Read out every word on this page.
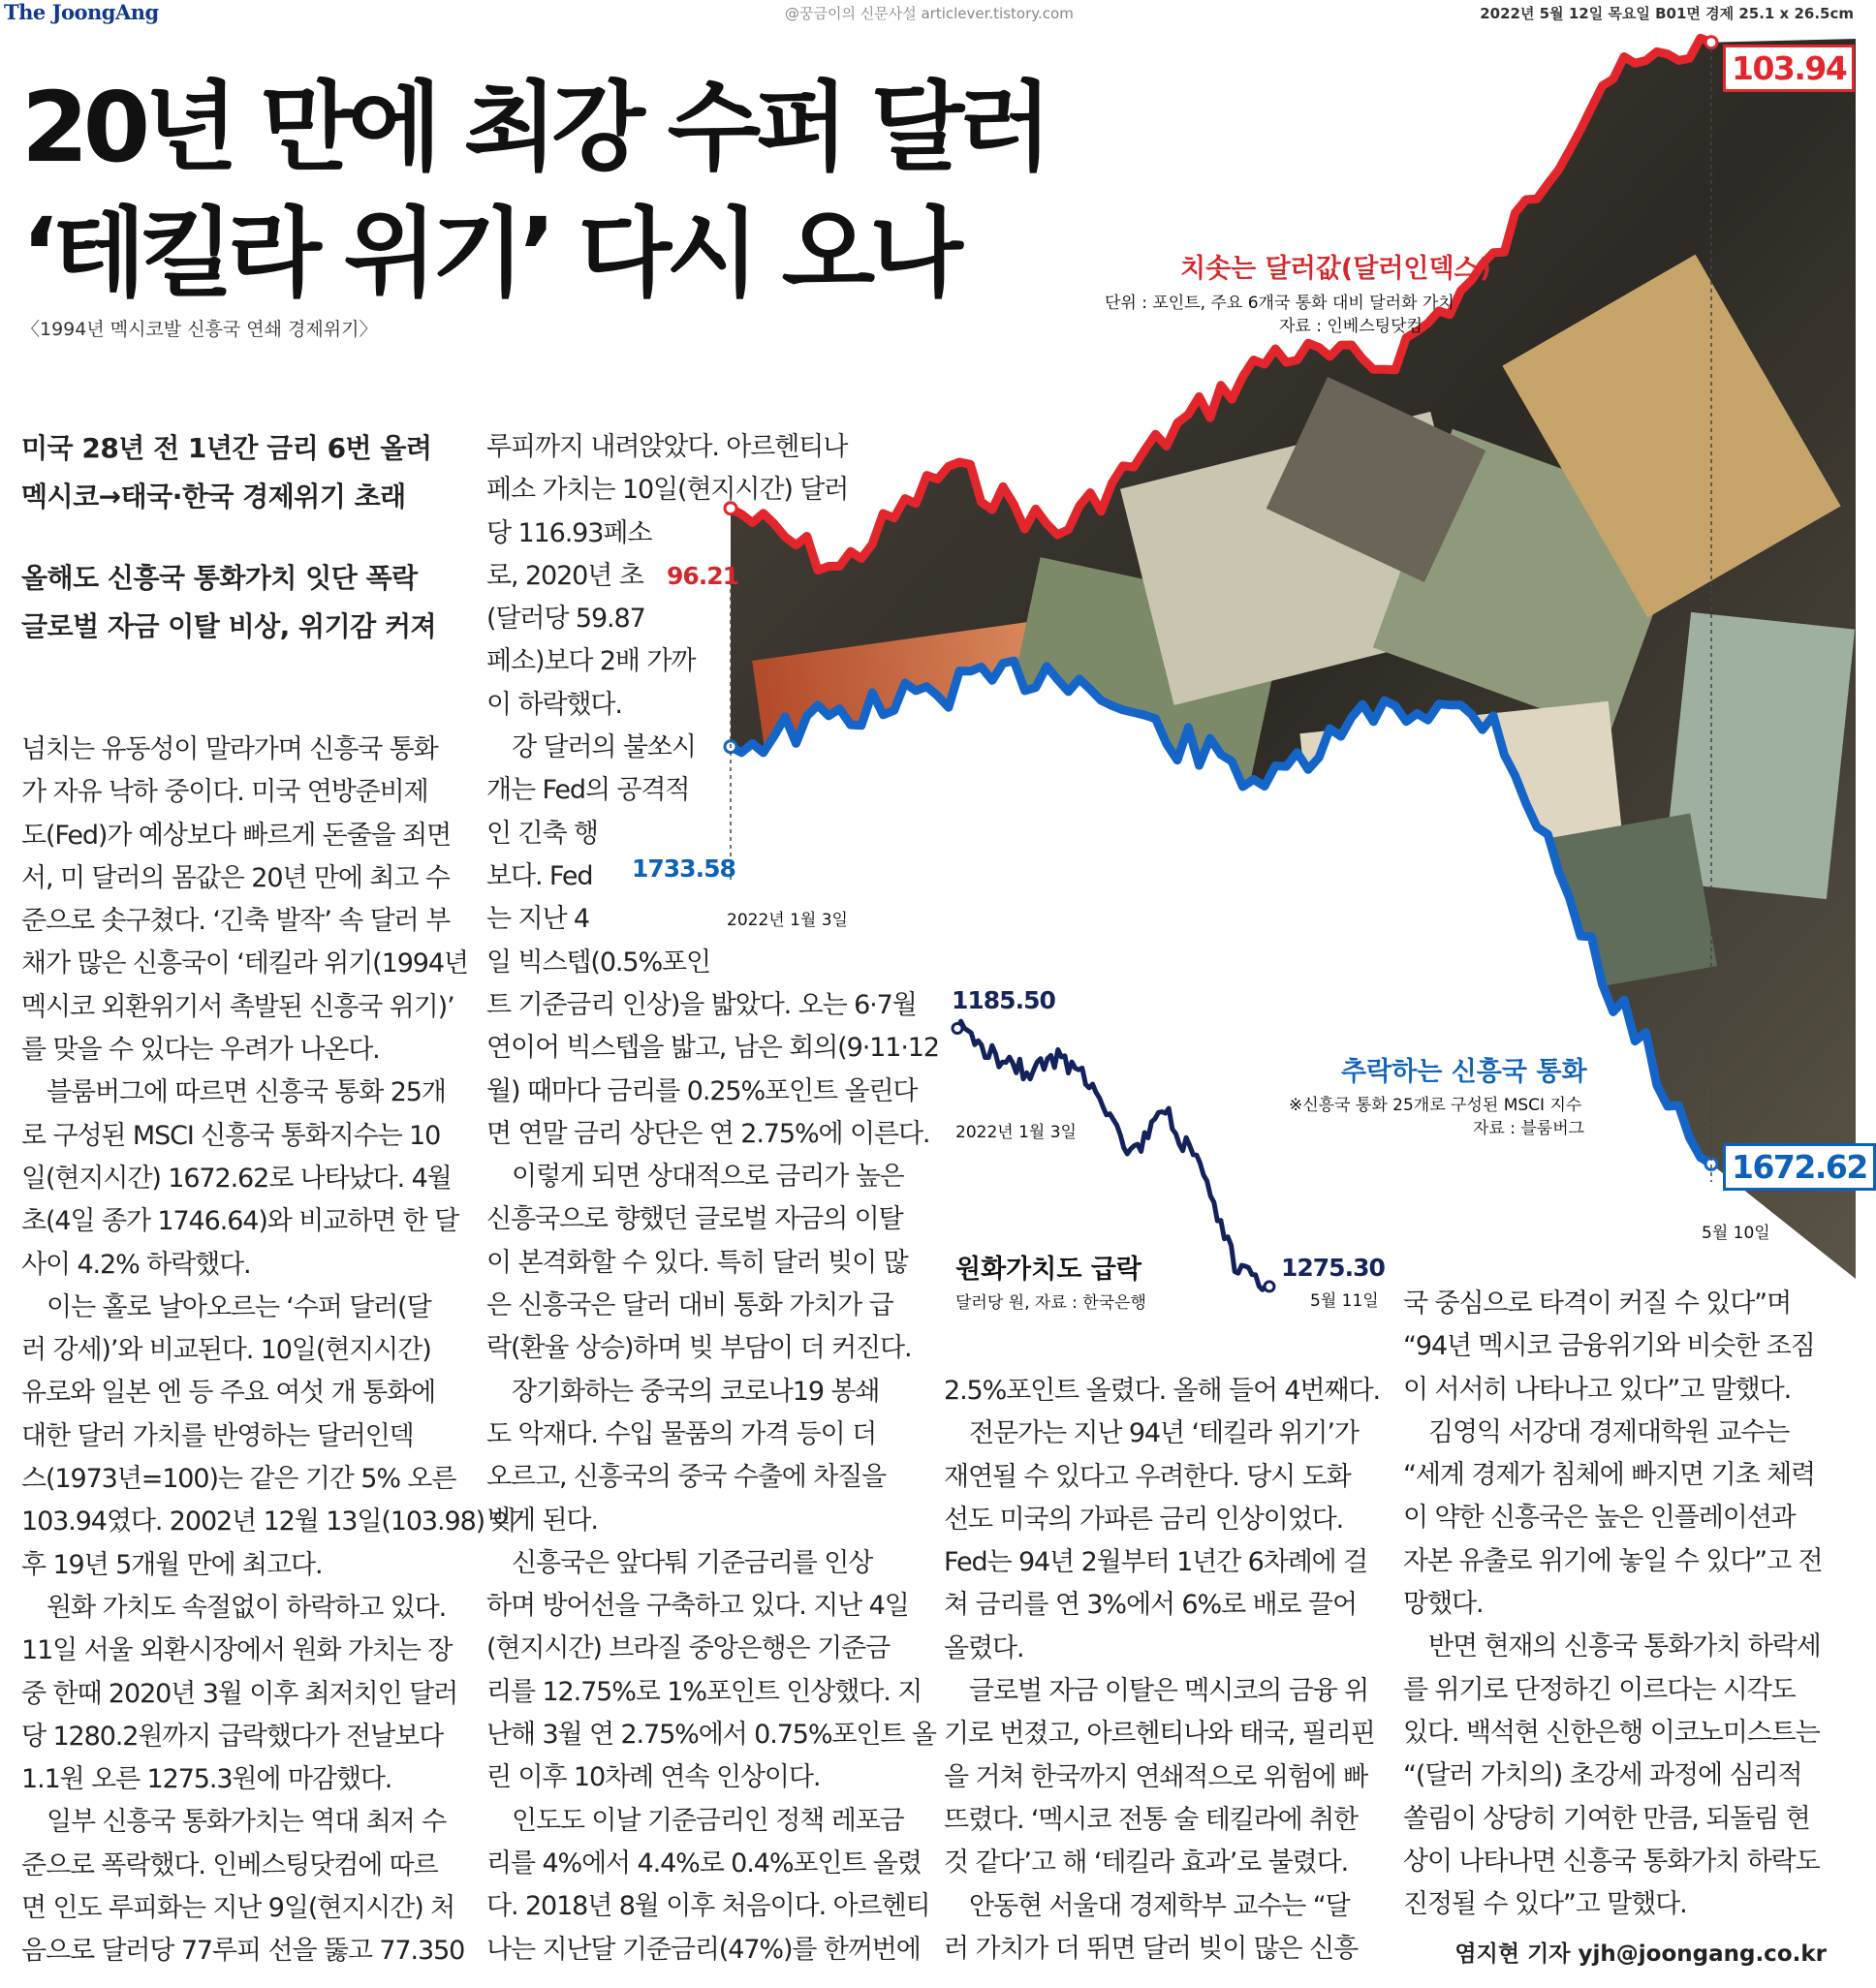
The JoongAng	@꿍금이의 신문사설 articlever.tistory.com	2022년 5월 12일 목요일 B01면 경제 25.1 x 26.5cm
20년 만에 최강 수퍼 달러
‘테킬라 위기’ 다시 오나
〈1994년 멕시코발 신흥국 연쇄 경제위기〉
미국 28년 전 1년간 금리 6번 올려
멕시코→태국·한국 경제위기 초래
올해도 신흥국 통화가치 잇단 폭락
글로벌 자금 이탈 비상, 위기감 커져

넘치는 유동성이 말라가며 신흥국 통화

가 자유 낙하 중이다. 미국 연방준비제

도(Fed)가 예상보다 빠르게 돈줄을 죄면

서, 미 달러의 몸값은 20년 만에 최고 수

준으로 솟구쳤다. ‘긴축 발작’ 속 달러 부

채가 많은 신흥국이 ‘테킬라 위기(1994년

멕시코 외환위기서 촉발된 신흥국 위기)’

를 맞을 수 있다는 우려가 나온다.

블룸버그에 따르면 신흥국 통화 25개

로 구성된 MSCI 신흥국 통화지수는 10

일(현지시간) 1672.62로 나타났다. 4월

초(4일 종가 1746.64)와 비교하면 한 달

사이 4.2% 하락했다.

이는 홀로 날아오르는 ‘수퍼 달러(달

러 강세)’와 비교된다. 10일(현지시간)

유로와 일본 엔 등 주요 여섯 개 통화에

대한 달러 가치를 반영하는 달러인덱

스(1973년=100)는 같은 기간 5% 오른

103.94였다. 2002년 12월 13일(103.98) 이

후 19년 5개월 만에 최고다.

원화 가치도 속절없이 하락하고 있다.

11일 서울 외환시장에서 원화 가치는 장

중 한때 2020년 3월 이후 최저치인 달러

당 1280.2원까지 급락했다가 전날보다

1.1원 오른 1275.3원에 마감했다.

일부 신흥국 통화가치는 역대 최저 수

준으로 폭락했다. 인베스팅닷컴에 따르

면 인도 루피화는 지난 9일(현지시간) 처

음으로 달러당 77루피 선을 뚫고 77.350

루피까지 내려앉았다. 아르헨티나

페소 가치는 10일(현지시간) 달러

당 116.93페소

로, 2020년 초

(달러당 59.87

페소)보다 2배 가까

이 하락했다.

강 달러의 불쏘시

개는 Fed의 공격적

인 긴축 행

보다. Fed

는 지난 4

일 빅스텝(0.5%포인

트 기준금리 인상)을 밟았다. 오는 6·7월

연이어 빅스텝을 밟고, 남은 회의(9·11·12

월) 때마다 금리를 0.25%포인트 올린다

면 연말 금리 상단은 연 2.75%에 이른다.

이렇게 되면 상대적으로 금리가 높은

신흥국으로 향했던 글로벌 자금의 이탈

이 본격화할 수 있다. 특히 달러 빚이 많

은 신흥국은 달러 대비 통화 가치가 급

락(환율 상승)하며 빚 부담이 더 커진다.

장기화하는 중국의 코로나19 봉쇄

도 악재다. 수입 물품의 가격 등이 더

오르고, 신흥국의 중국 수출에 차질을

빚게 된다.

신흥국은 앞다퉈 기준금리를 인상

하며 방어선을 구축하고 있다. 지난 4일

(현지시간) 브라질 중앙은행은 기준금

리를 12.75%로 1%포인트 인상했다. 지

난해 3월 연 2.75%에서 0.75%포인트 올

린 이후 10차례 연속 인상이다.

인도도 이날 기준금리인 정책 레포금

리를 4%에서 4.4%로 0.4%포인트 올렸

다. 2018년 8월 이후 처음이다. 아르헨티

나는 지난달 기준금리(47%)를 한꺼번에

2.5%포인트 올렸다. 올해 들어 4번째다.

전문가는 지난 94년 ‘테킬라 위기’가

재연될 수 있다고 우려한다. 당시 도화

선도 미국의 가파른 금리 인상이었다.

Fed는 94년 2월부터 1년간 6차례에 걸

쳐 금리를 연 3%에서 6%로 배로 끌어

올렸다.

글로벌 자금 이탈은 멕시코의 금융 위

기로 번졌고, 아르헨티나와 태국, 필리핀

을 거쳐 한국까지 연쇄적으로 위험에 빠

뜨렸다. ‘멕시코 전통 술 테킬라에 취한

것 같다’고 해 ‘테킬라 효과’로 불렸다.

안동현 서울대 경제학부 교수는 “달

러 가치가 더 뛰면 달러 빚이 많은 신흥

국 중심으로 타격이 커질 수 있다”며

“94년 멕시코 금융위기와 비슷한 조짐

이 서서히 나타나고 있다”고 말했다.

김영익 서강대 경제대학원 교수는

“세계 경제가 침체에 빠지면 기초 체력

이 약한 신흥국은 높은 인플레이션과

자본 유출로 위기에 놓일 수 있다”고 전

망했다.

반면 현재의 신흥국 통화가치 하락세

를 위기로 단정하긴 이르다는 시각도

있다. 백석현 신한은행 이코노미스트는

“(달러 가치의) 초강세 과정에 심리적

쏠림이 상당히 기여한 만큼, 되돌림 현

상이 나타나면 신흥국 통화가치 하락도

진정될 수 있다”고 말했다.

염지현 기자 yjh@joongang.co.kr
치솟는 달러값(달러인덱스)
단위 : 포인트, 주요 6개국 통화 대비 달러화 가치
자료 : 인베스팅닷컴
96.21
103.94
1733.58
2022년 1월 3일
추락하는 신흥국 통화
※신흥국 통화 25개로 구성된 MSCI 지수
자료 : 블룸버그
1672.62
5월 10일
1185.50
2022년 1월 3일
원화가치도 급락
달러당 원, 자료 : 한국은행
1275.30
5월 11일
